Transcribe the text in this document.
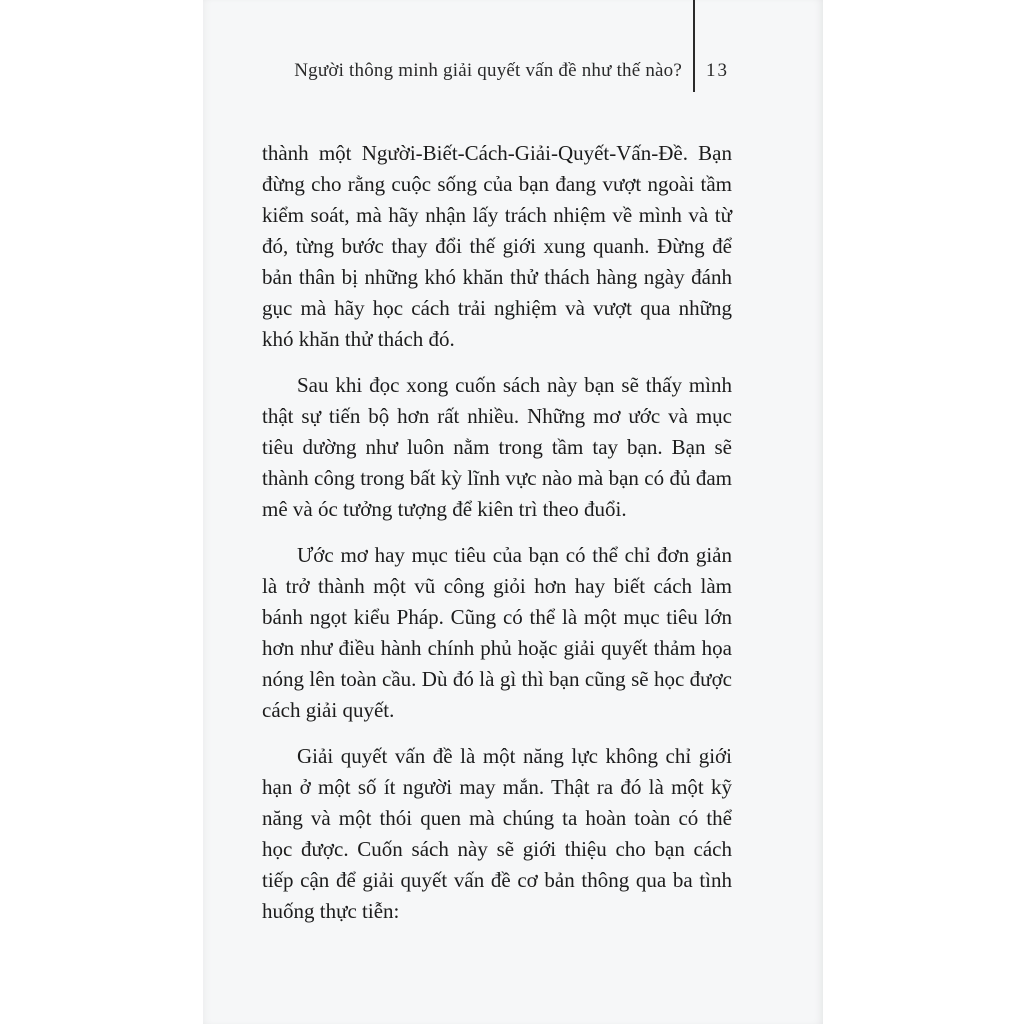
Người thông minh giải quyết vấn đề như thế nào? 13

thành một Người-Biết-Cách-Giải-Quyết-Vấn-Đề. Bạn đừng cho rằng cuộc sống của bạn đang vượt ngoài tầm kiểm soát, mà hãy nhận lấy trách nhiệm về mình và từ đó, từng bước thay đổi thế giới xung quanh. Đừng để bản thân bị những khó khăn thử thách hàng ngày đánh gục mà hãy học cách trải nghiệm và vượt qua những khó khăn thử thách đó.

Sau khi đọc xong cuốn sách này bạn sẽ thấy mình thật sự tiến bộ hơn rất nhiều. Những mơ ước và mục tiêu dường như luôn nằm trong tầm tay bạn. Bạn sẽ thành công trong bất kỳ lĩnh vực nào mà bạn có đủ đam mê và óc tưởng tượng để kiên trì theo đuổi.

Ước mơ hay mục tiêu của bạn có thể chỉ đơn giản là trở thành một vũ công giỏi hơn hay biết cách làm bánh ngọt kiểu Pháp. Cũng có thể là một mục tiêu lớn hơn như điều hành chính phủ hoặc giải quyết thảm họa nóng lên toàn cầu. Dù đó là gì thì bạn cũng sẽ học được cách giải quyết.

Giải quyết vấn đề là một năng lực không chỉ giới hạn ở một số ít người may mắn. Thật ra đó là một kỹ năng và một thói quen mà chúng ta hoàn toàn có thể học được. Cuốn sách này sẽ giới thiệu cho bạn cách tiếp cận để giải quyết vấn đề cơ bản thông qua ba tình huống thực tiễn:
